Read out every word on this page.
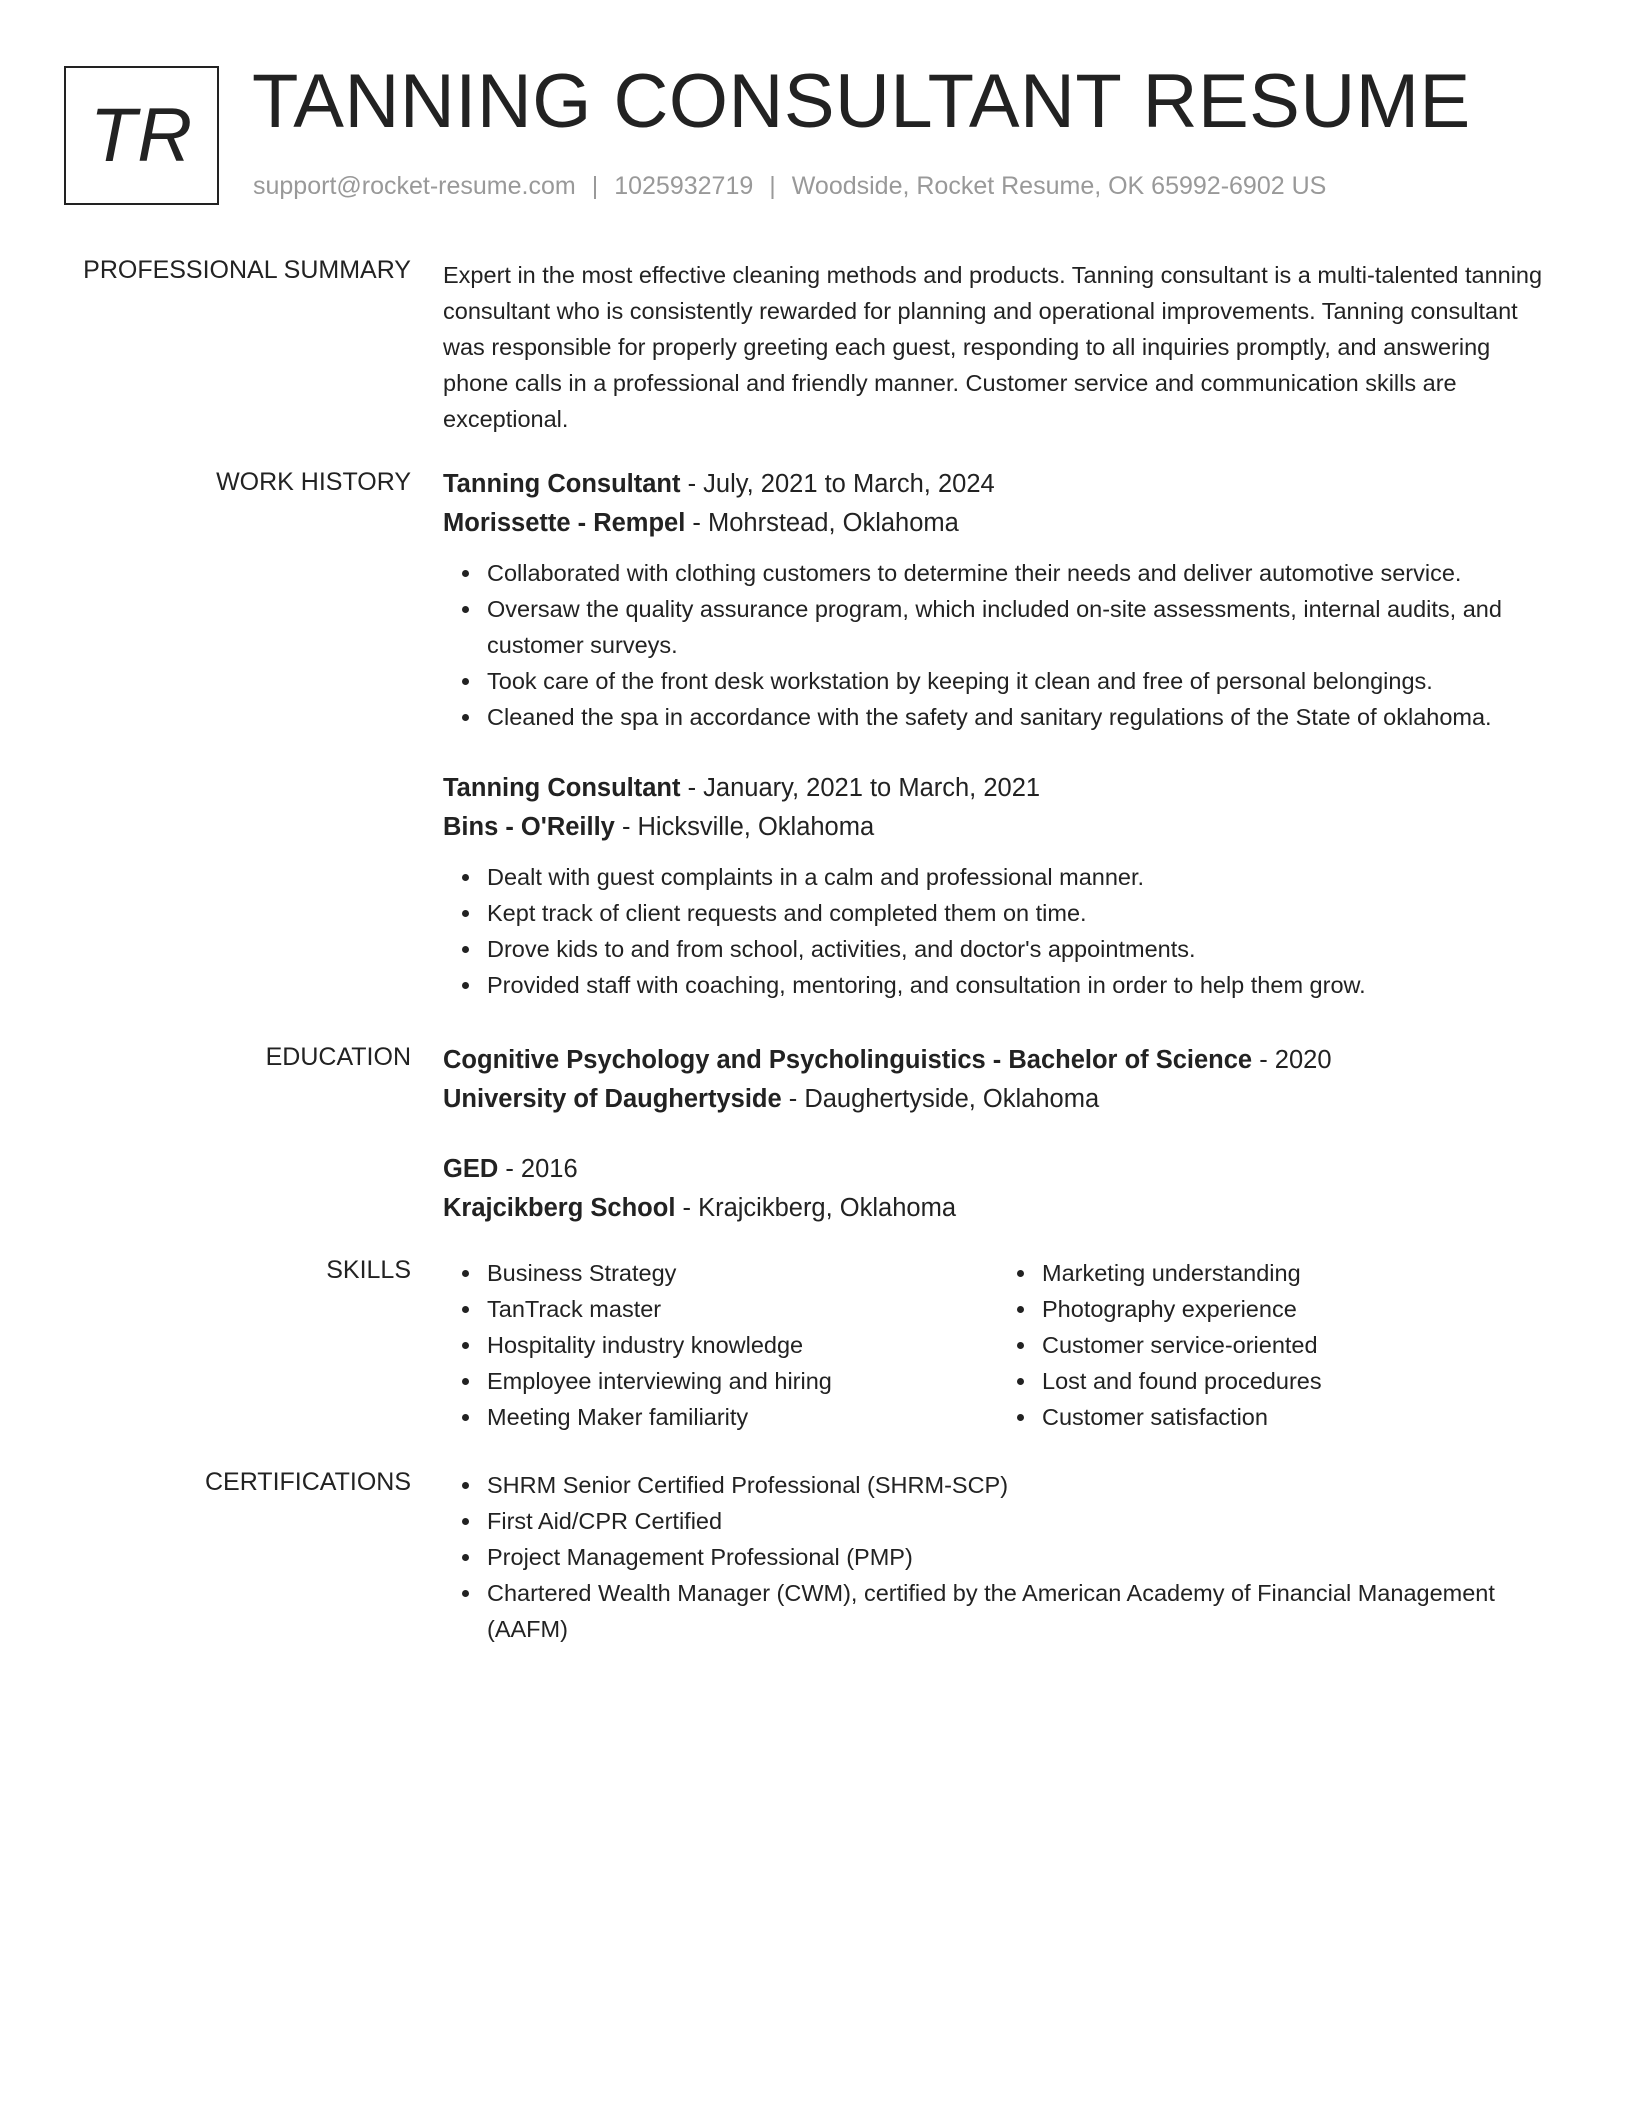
TR TANNING CONSULTANT RESUME
support@rocket-resume.com | 1025932719 | Woodside, Rocket Resume, OK 65992-6902 US
PROFESSIONAL SUMMARY Expert in the most effective cleaning methods and products. Tanning consultant is a multi-talented tanning consultant who is consistently rewarded for planning and operational improvements. Tanning consultant was responsible for properly greeting each guest, responding to all inquiries promptly, and answering phone calls in a professional and friendly manner. Customer service and communication skills are exceptional.

WORK HISTORY Tanning Consultant - July, 2021 to March, 2024

Morissette - Rempel - Mohrstead, Oklahoma

Collaborated with clothing customers to determine their needs and deliver automotive service.
Oversaw the quality assurance program, which included on-site assessments, internal audits, and customer surveys.
Took care of the front desk workstation by keeping it clean and free of personal belongings.
Cleaned the spa in accordance with the safety and sanitary regulations of the State of oklahoma.

Tanning Consultant - January, 2021 to March, 2021

Bins - O'Reilly - Hicksville, Oklahoma

Dealt with guest complaints in a calm and professional manner.
Kept track of client requests and completed them on time.
Drove kids to and from school, activities, and doctor's appointments.
Provided staff with coaching, mentoring, and consultation in order to help them grow.
EDUCATION Cognitive Psychology and Psycholinguistics - Bachelor of Science - 2020

University of Daughertyside - Daughertyside, Oklahoma

GED - 2016

Krajcikberg School - Krajcikberg, Oklahoma

SKILLS	Business Strategy
TanTrack master
Hospitality industry knowledge
Employee interviewing and hiring
Meeting Maker familiarity
Marketing understanding
Photography experience
Customer service-oriented
Lost and found procedures
Customer satisfaction
CERTIFICATIONS	SHRM Senior Certified Professional (SHRM-SCP)
First Aid/CPR Certified
Project Management Professional (PMP)
Chartered Wealth Manager (CWM), certified by the American Academy of Financial Management (AAFM)
